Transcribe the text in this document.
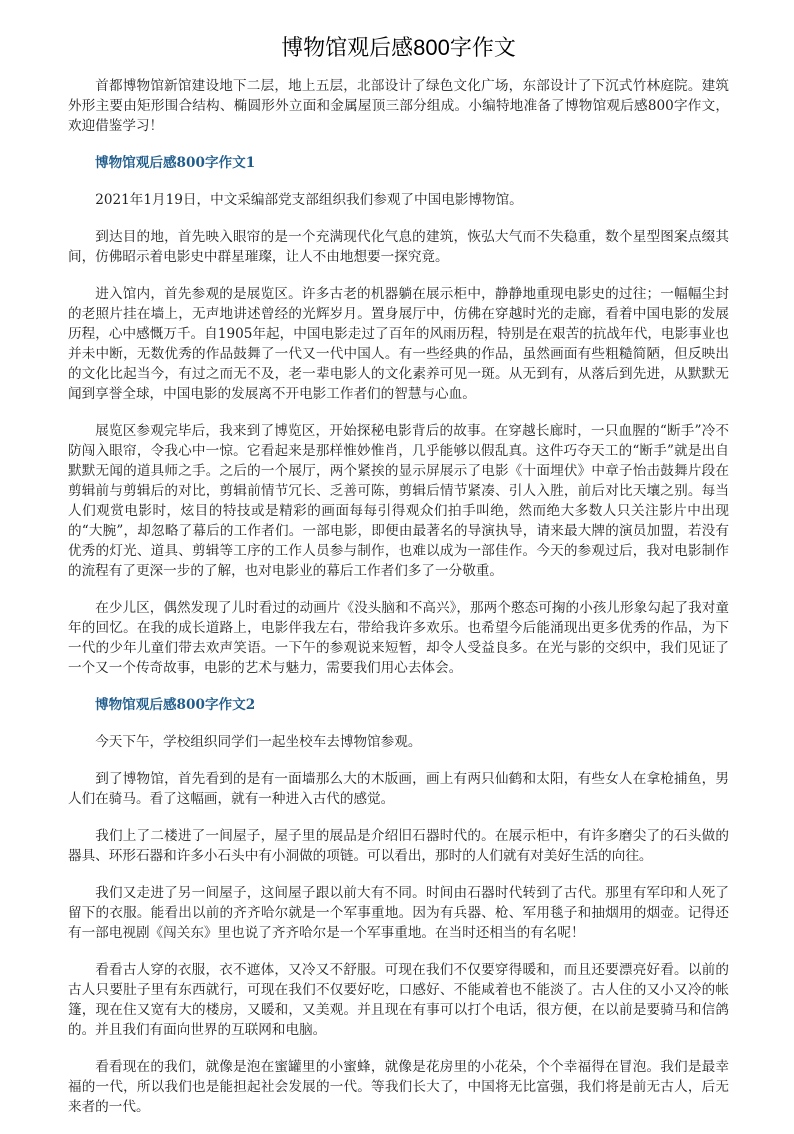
博物馆观后感800字作文

首都博物馆新馆建设地下二层，地上五层，北部设计了绿色文化广场，东部设计了下沉式竹林庭院。建筑外形主要由矩形围合结构、椭圆形外立面和金属屋顶三部分组成。小编特地准备了博物馆观后感800字作文，欢迎借鉴学习！

博物馆观后感800字作文1

2021年1月19日，中文采编部党支部组织我们参观了中国电影博物馆。

到达目的地，首先映入眼帘的是一个充满现代化气息的建筑，恢弘大气而不失稳重，数个星型图案点缀其间，仿佛昭示着电影史中群星璀璨，让人不由地想要一探究竟。

进入馆内，首先参观的是展览区。许多古老的机器躺在展示柜中，静静地重现电影史的过往；一幅幅尘封的老照片挂在墙上，无声地讲述曾经的光辉岁月。置身展厅中，仿佛在穿越时光的走廊，看着中国电影的发展历程，心中感慨万千。自1905年起，中国电影走过了百年的风雨历程，特别是在艰苦的抗战年代，电影事业也并未中断，无数优秀的作品鼓舞了一代又一代中国人。有一些经典的作品，虽然画面有些粗糙简陋，但反映出的文化比起当今，有过之而无不及，老一辈电影人的文化素养可见一斑。从无到有，从落后到先进，从默默无闻到享誉全球，中国电影的发展离不开电影工作者们的智慧与心血。

展览区参观完毕后，我来到了博览区，开始探秘电影背后的故事。在穿越长廊时，一只血腥的“断手”冷不防闯入眼帘，令我心中一惊。它看起来是那样惟妙惟肖，几乎能够以假乱真。这件巧夺天工的“断手”就是出自默默无闻的道具师之手。之后的一个展厅，两个紧挨的显示屏展示了电影《十面埋伏》中章子怡击鼓舞片段在剪辑前与剪辑后的对比，剪辑前情节冗长、乏善可陈，剪辑后情节紧凑、引人入胜，前后对比天壤之别。每当人们观赏电影时，炫目的特技或是精彩的画面每每引得观众们拍手叫绝，然而绝大多数人只关注影片中出现的“大腕”，却忽略了幕后的工作者们。一部电影，即便由最著名的导演执导，请来最大牌的演员加盟，若没有优秀的灯光、道具、剪辑等工序的工作人员参与制作，也难以成为一部佳作。今天的参观过后，我对电影制作的流程有了更深一步的了解，也对电影业的幕后工作者们多了一分敬重。

在少儿区，偶然发现了儿时看过的动画片《没头脑和不高兴》，那两个憨态可掬的小孩儿形象勾起了我对童年的回忆。在我的成长道路上，电影伴我左右，带给我许多欢乐。也希望今后能涌现出更多优秀的作品，为下一代的少年儿童们带去欢声笑语。一下午的参观说来短暂，却令人受益良多。在光与影的交织中，我们见证了一个又一个传奇故事，电影的艺术与魅力，需要我们用心去体会。

博物馆观后感800字作文2

今天下午，学校组织同学们一起坐校车去博物馆参观。

到了博物馆，首先看到的是有一面墙那么大的木版画，画上有两只仙鹤和太阳，有些女人在拿枪捕鱼，男人们在骑马。看了这幅画，就有一种进入古代的感觉。

我们上了二楼进了一间屋子，屋子里的展品是介绍旧石器时代的。在展示柜中，有许多磨尖了的石头做的器具、环形石器和许多小石头中有小洞做的项链。可以看出，那时的人们就有对美好生活的向往。

我们又走进了另一间屋子，这间屋子跟以前大有不同。时间由石器时代转到了古代。那里有军印和人死了留下的衣服。能看出以前的齐齐哈尔就是一个军事重地。因为有兵器、枪、军用毯子和抽烟用的烟壶。记得还有一部电视剧《闯关东》里也说了齐齐哈尔是一个军事重地。在当时还相当的有名呢！

看看古人穿的衣服，衣不遮体，又冷又不舒服。可现在我们不仅要穿得暖和，而且还要漂亮好看。以前的古人只要肚子里有东西就行，可现在我们不仅要好吃，口感好、不能咸着也不能淡了。古人住的又小又冷的帐篷，现在住又宽有大的楼房，又暖和，又美观。并且现在有事可以打个电话，很方便，在以前是要骑马和信鸽的。并且我们有面向世界的互联网和电脑。

看看现在的我们，就像是泡在蜜罐里的小蜜蜂，就像是花房里的小花朵，个个幸福得在冒泡。我们是最幸福的一代，所以我们也是能担起社会发展的一代。等我们长大了，中国将无比富强，我们将是前无古人，后无来者的一代。
